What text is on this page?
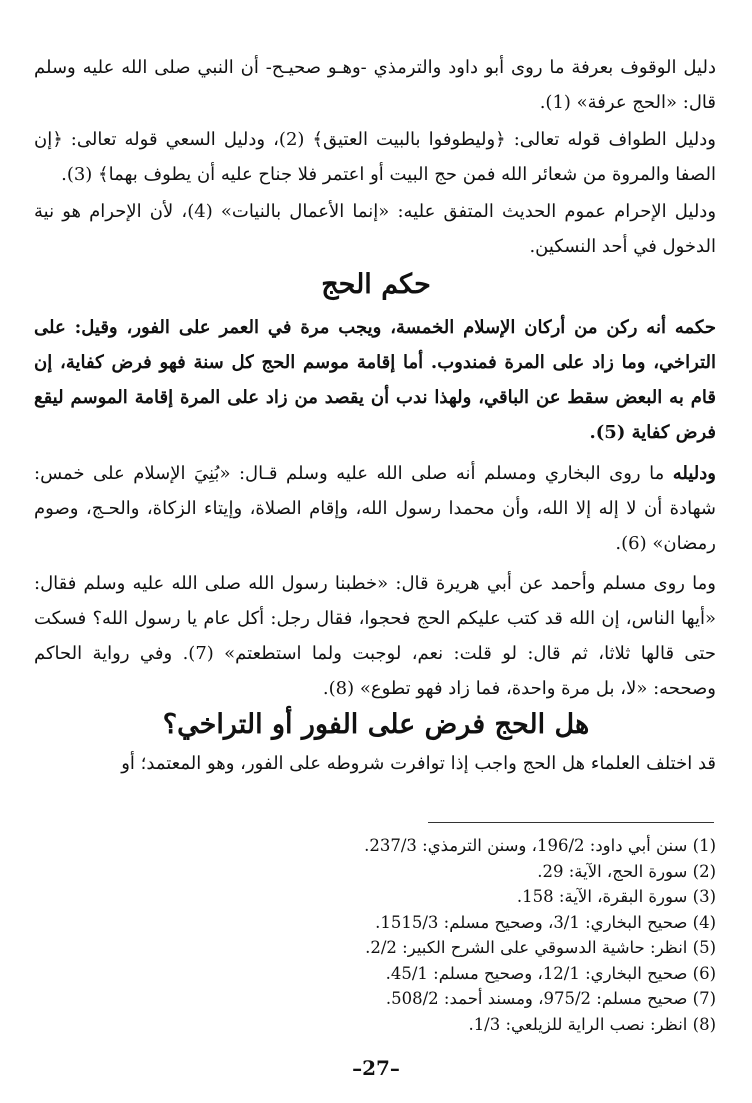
دليل الوقوف بعرفة ما روى أبو داود والترمذي -وهـو صحيـح- أن النبي صلى الله عليه وسلم قال: «الحج عرفة» (1).

ودليل الطواف قوله تعالى: ﴿وليطوفوا بالبيت العتيق﴾ (2)، ودليل السعي قوله تعالى: ﴿إن الصفا والمروة من شعائر الله فمن حج البيت أو اعتمر فلا جناح عليه أن يطوف بهما﴾ (3).

ودليل الإحرام عموم الحديث المتفق عليه: «إنما الأعمال بالنيات» (4)، لأن الإحرام هو نية الدخول في أحد النسكين.

حكم الحج

حكمه أنه ركن من أركان الإسلام الخمسة، ويجب مرة في العمر على الفور، وقيل: على التراخي، وما زاد على المرة فمندوب. أما إقامة موسم الحج كل سنة فهو فرض كفاية، إن قام به البعض سقط عن الباقي، ولهذا ندب أن يقصد من زاد على المرة إقامة الموسم ليقع فرض كفاية (5).

ودليله ما روى البخاري ومسلم أنه صلى الله عليه وسلم قـال: «بُنِيَ الإسلام على خمس: شهادة أن لا إله إلا الله، وأن محمدا رسول الله، وإقام الصلاة، وإيتاء الزكاة، والحـج، وصوم رمضان» (6).

وما روى مسلم وأحمد عن أبي هريرة قال: «خطبنا رسول الله صلى الله عليه وسلم فقال: «أيها الناس، إن الله قد كتب عليكم الحج فحجوا، فقال رجل: أكل عام يا رسول الله؟ فسكت حتى قالها ثلاثا، ثم قال: لو قلت: نعم، لوجبت ولما استطعتم» (7). وفي رواية الحاكم وصححه: «لا، بل مرة واحدة، فما زاد فهو تطوع» (8).

هل الحج فرض على الفور أو التراخي؟

قد اختلف العلماء هل الحج واجب إذا توافرت شروطه على الفور، وهو المعتمد؛ أو

(1) سنن أبي داود: 196/2، وسنن الترمذي: 237/3.
(2) سورة الحج، الآية: 29.
(3) سورة البقرة، الآية: 158.
(4) صحيح البخاري: 3/1، وصحيح مسلم: 1515/3.
(5) انظر: حاشية الدسوقي على الشرح الكبير: 2/2.
(6) صحيح البخاري: 12/1، وصحيح مسلم: 45/1.
(7) صحيح مسلم: 975/2، ومسند أحمد: 508/2.
(8) انظر: نصب الراية للزيلعي: 1/3.
–27–
